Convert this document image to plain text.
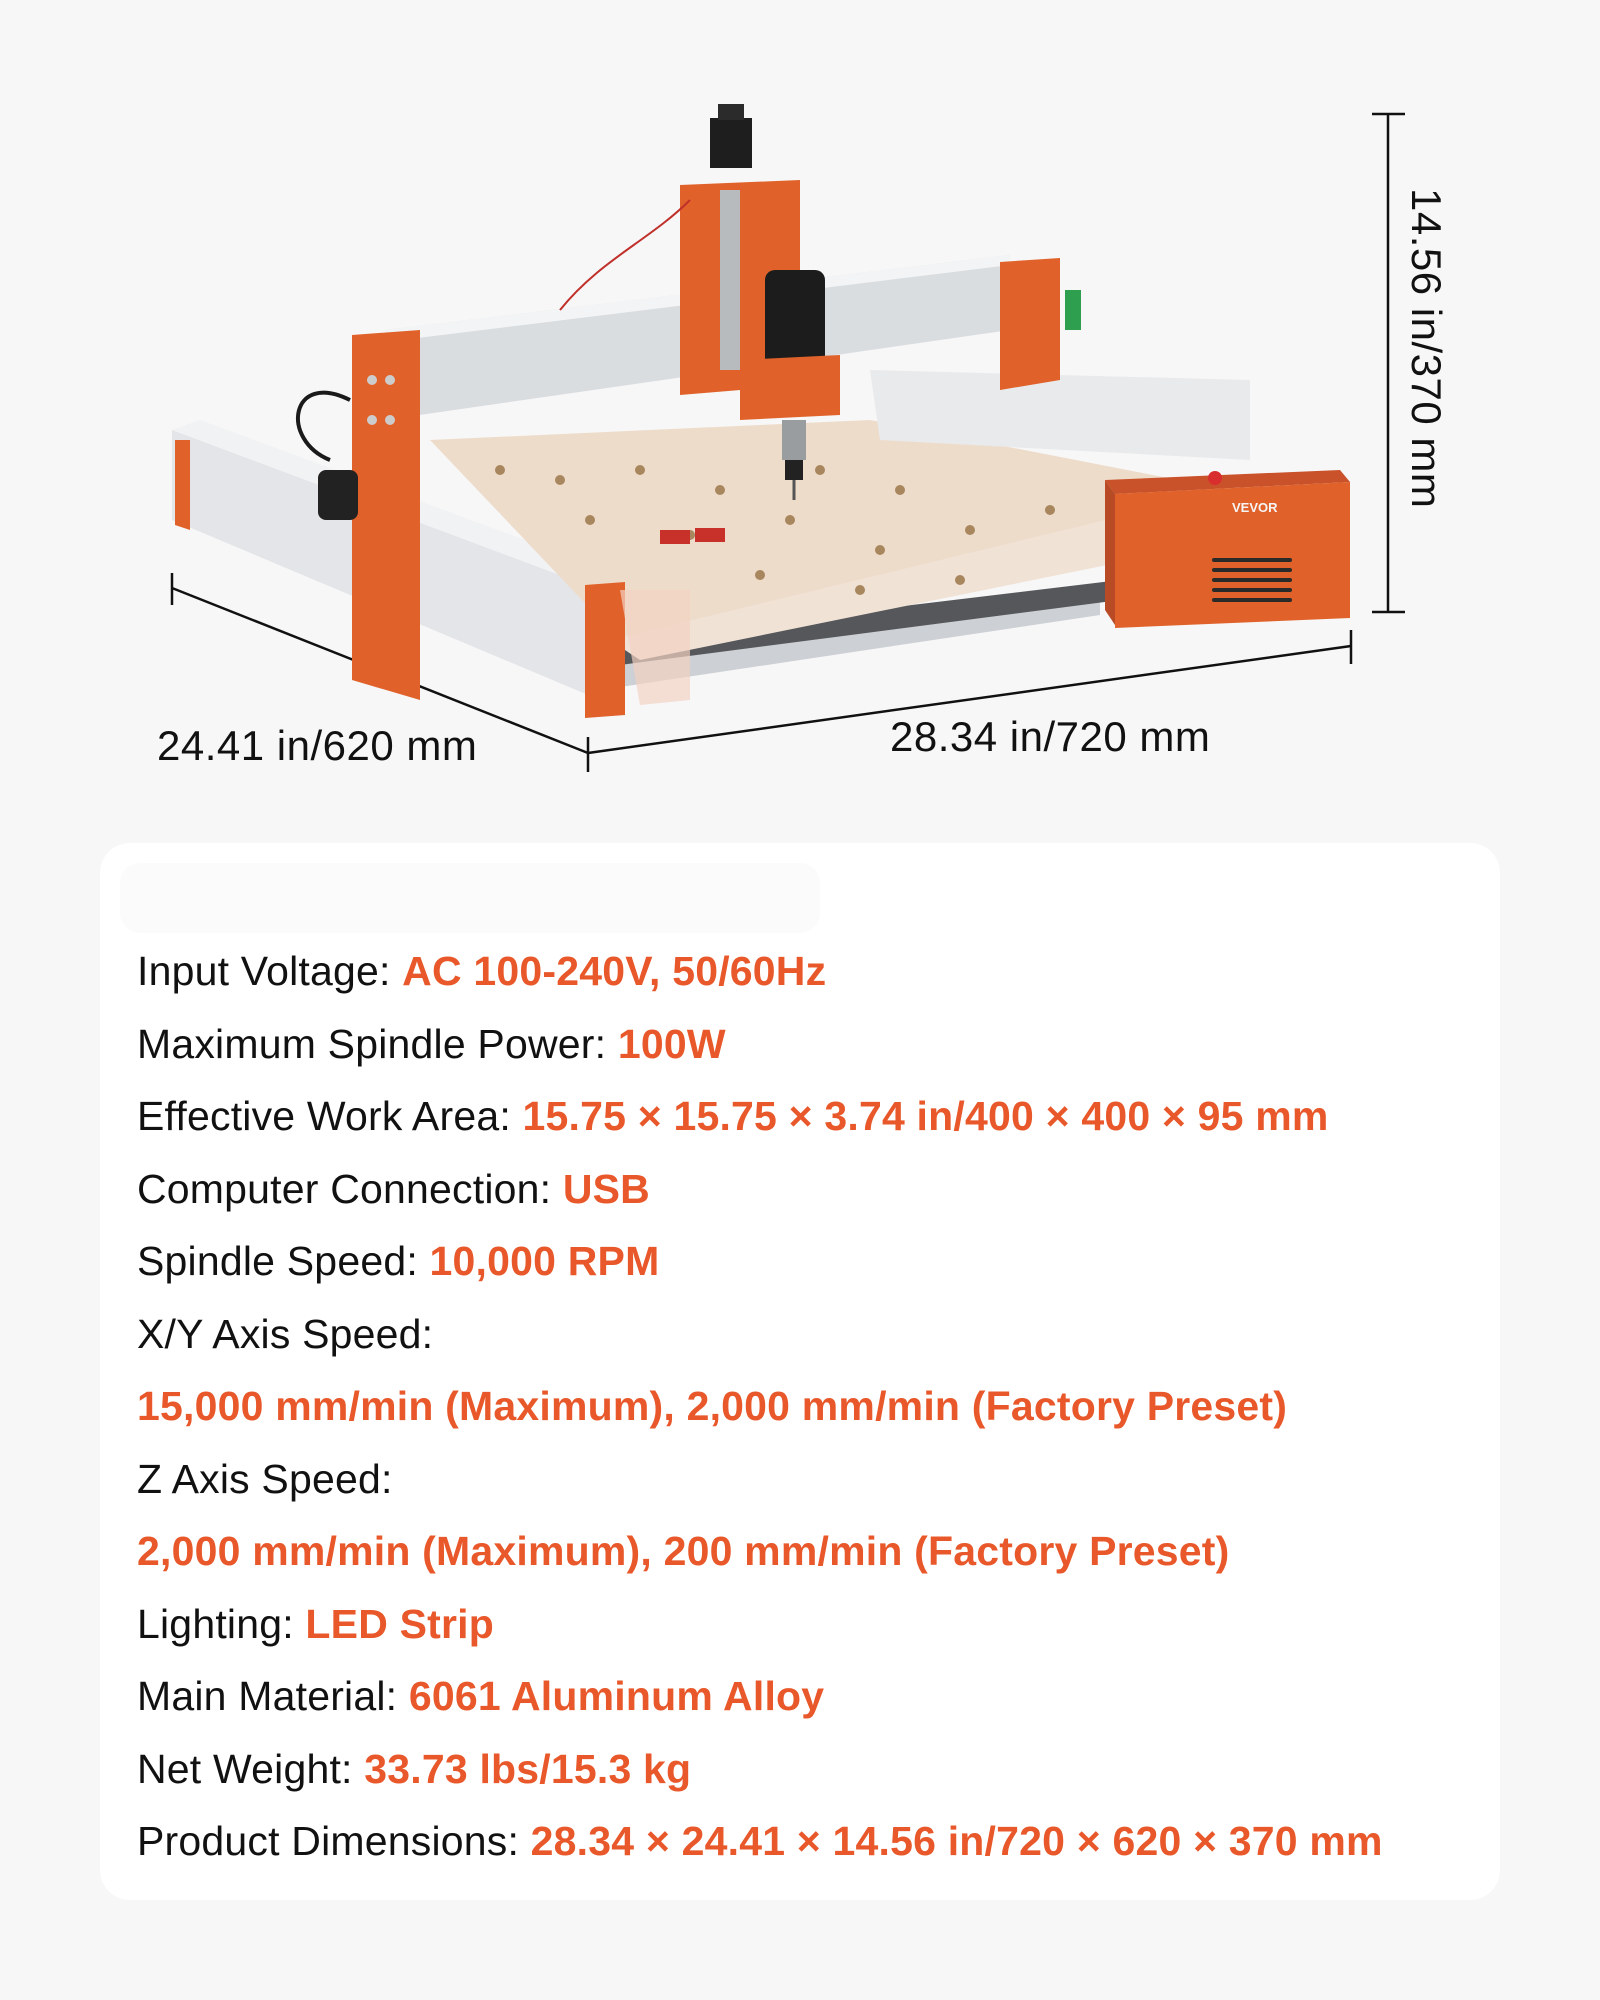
VEVOR
24.41 in/620 mm	28.34 in/720 mm
14.56 in/370 mm
Input Voltage: AC 100-240V, 50/60Hz
Maximum Spindle Power: 100W
Effective Work Area: 15.75 × 15.75 × 3.74 in/400 × 400 × 95 mm
Computer Connection: USB
Spindle Speed: 10,000 RPM
X/Y Axis Speed:
15,000 mm/min (Maximum), 2,000 mm/min (Factory Preset)
Z Axis Speed:
2,000 mm/min (Maximum), 200 mm/min (Factory Preset)
Lighting: LED Strip
Main Material: 6061 Aluminum Alloy
Net Weight: 33.73 lbs/15.3 kg
Product Dimensions: 28.34 × 24.41 × 14.56 in/720 × 620 × 370 mm
